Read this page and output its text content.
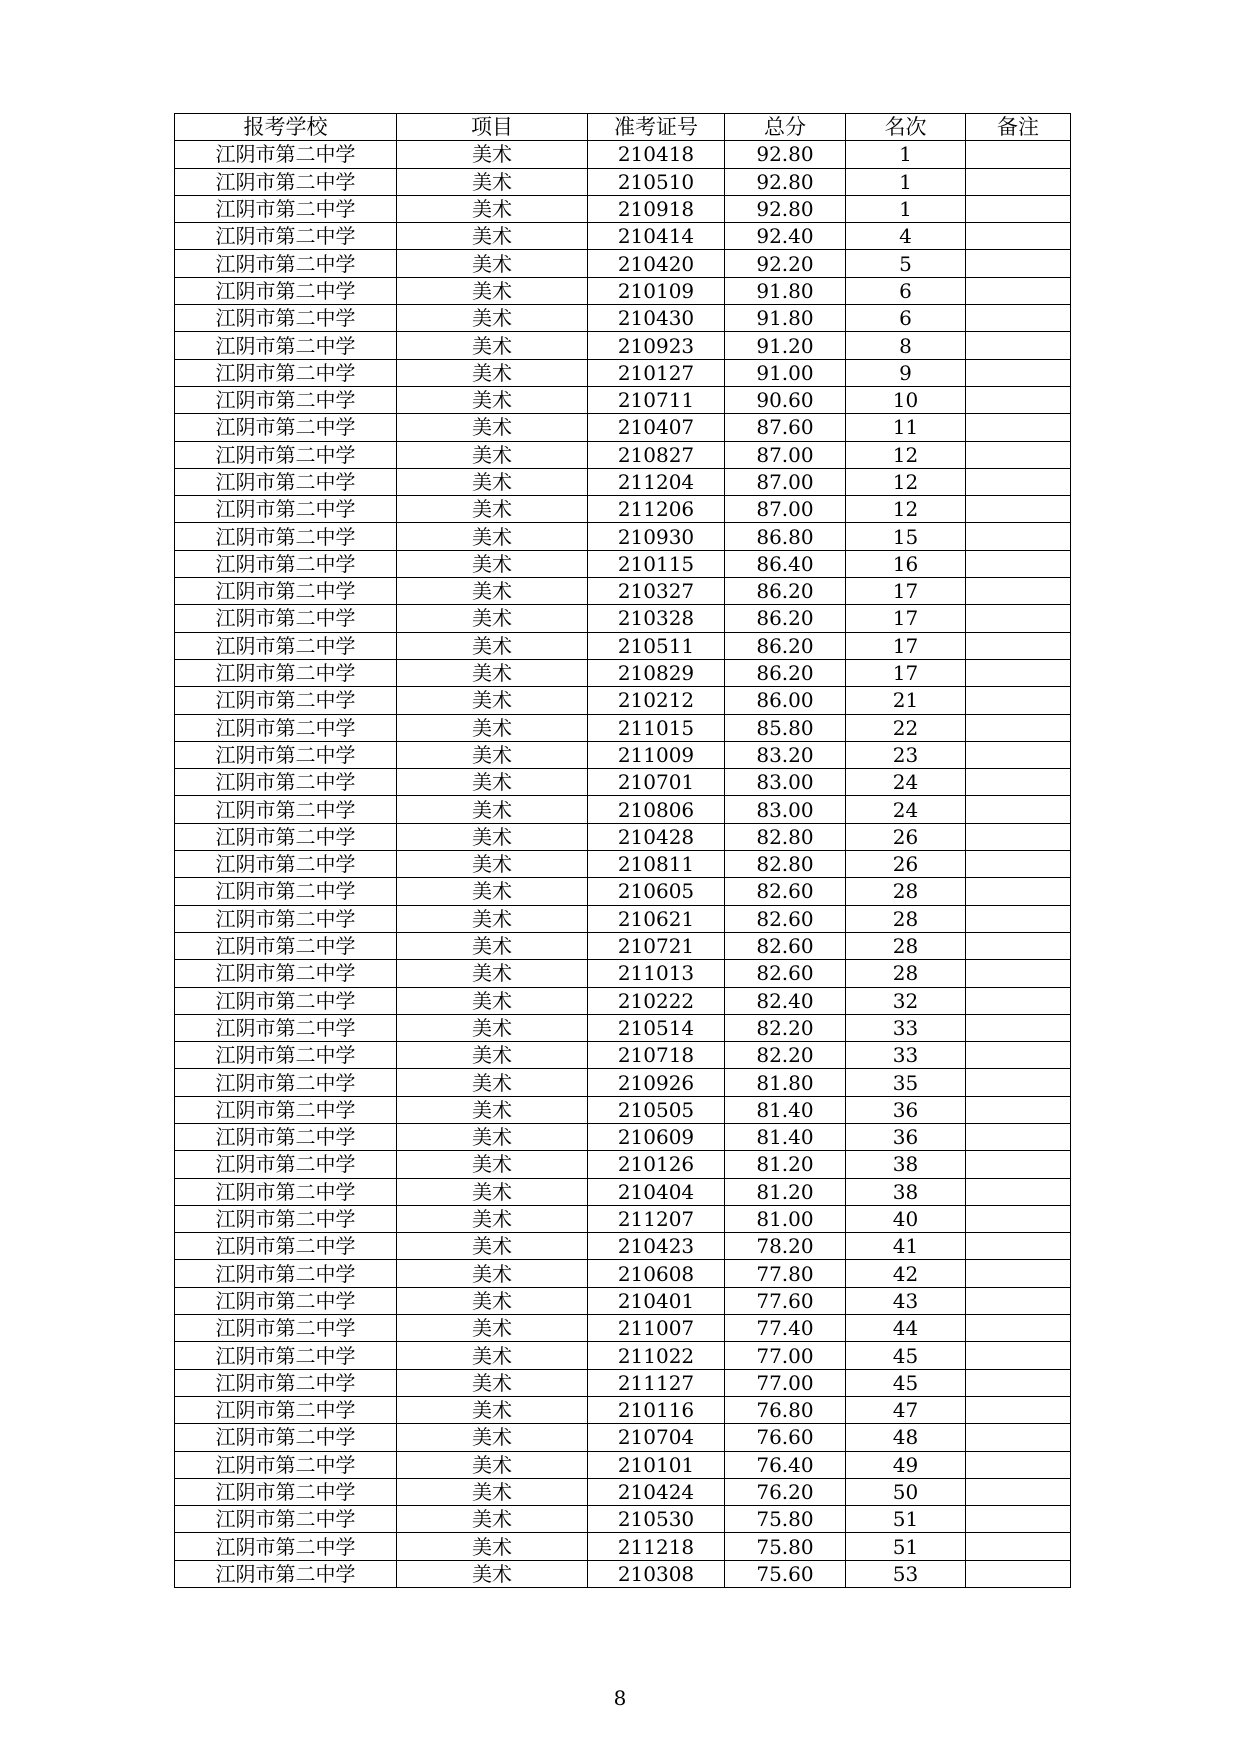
报考学校	项目	准考证号	总分	名次	备注
江阴市第二中学	美术	210418	92.80	1	
江阴市第二中学	美术	210510	92.80	1	
江阴市第二中学	美术	210918	92.80	1	
江阴市第二中学	美术	210414	92.40	4	
江阴市第二中学	美术	210420	92.20	5	
江阴市第二中学	美术	210109	91.80	6	
江阴市第二中学	美术	210430	91.80	6	
江阴市第二中学	美术	210923	91.20	8	
江阴市第二中学	美术	210127	91.00	9	
江阴市第二中学	美术	210711	90.60	10	
江阴市第二中学	美术	210407	87.60	11	
江阴市第二中学	美术	210827	87.00	12	
江阴市第二中学	美术	211204	87.00	12	
江阴市第二中学	美术	211206	87.00	12	
江阴市第二中学	美术	210930	86.80	15	
江阴市第二中学	美术	210115	86.40	16	
江阴市第二中学	美术	210327	86.20	17	
江阴市第二中学	美术	210328	86.20	17	
江阴市第二中学	美术	210511	86.20	17	
江阴市第二中学	美术	210829	86.20	17	
江阴市第二中学	美术	210212	86.00	21	
江阴市第二中学	美术	211015	85.80	22	
江阴市第二中学	美术	211009	83.20	23	
江阴市第二中学	美术	210701	83.00	24	
江阴市第二中学	美术	210806	83.00	24	
江阴市第二中学	美术	210428	82.80	26	
江阴市第二中学	美术	210811	82.80	26	
江阴市第二中学	美术	210605	82.60	28	
江阴市第二中学	美术	210621	82.60	28	
江阴市第二中学	美术	210721	82.60	28	
江阴市第二中学	美术	211013	82.60	28	
江阴市第二中学	美术	210222	82.40	32	
江阴市第二中学	美术	210514	82.20	33	
江阴市第二中学	美术	210718	82.20	33	
江阴市第二中学	美术	210926	81.80	35	
江阴市第二中学	美术	210505	81.40	36	
江阴市第二中学	美术	210609	81.40	36	
江阴市第二中学	美术	210126	81.20	38	
江阴市第二中学	美术	210404	81.20	38	
江阴市第二中学	美术	211207	81.00	40	
江阴市第二中学	美术	210423	78.20	41	
江阴市第二中学	美术	210608	77.80	42	
江阴市第二中学	美术	210401	77.60	43	
江阴市第二中学	美术	211007	77.40	44	
江阴市第二中学	美术	211022	77.00	45	
江阴市第二中学	美术	211127	77.00	45	
江阴市第二中学	美术	210116	76.80	47	
江阴市第二中学	美术	210704	76.60	48	
江阴市第二中学	美术	210101	76.40	49	
江阴市第二中学	美术	210424	76.20	50	
江阴市第二中学	美术	210530	75.80	51	
江阴市第二中学	美术	211218	75.80	51	
江阴市第二中学	美术	210308	75.60	53	
8
